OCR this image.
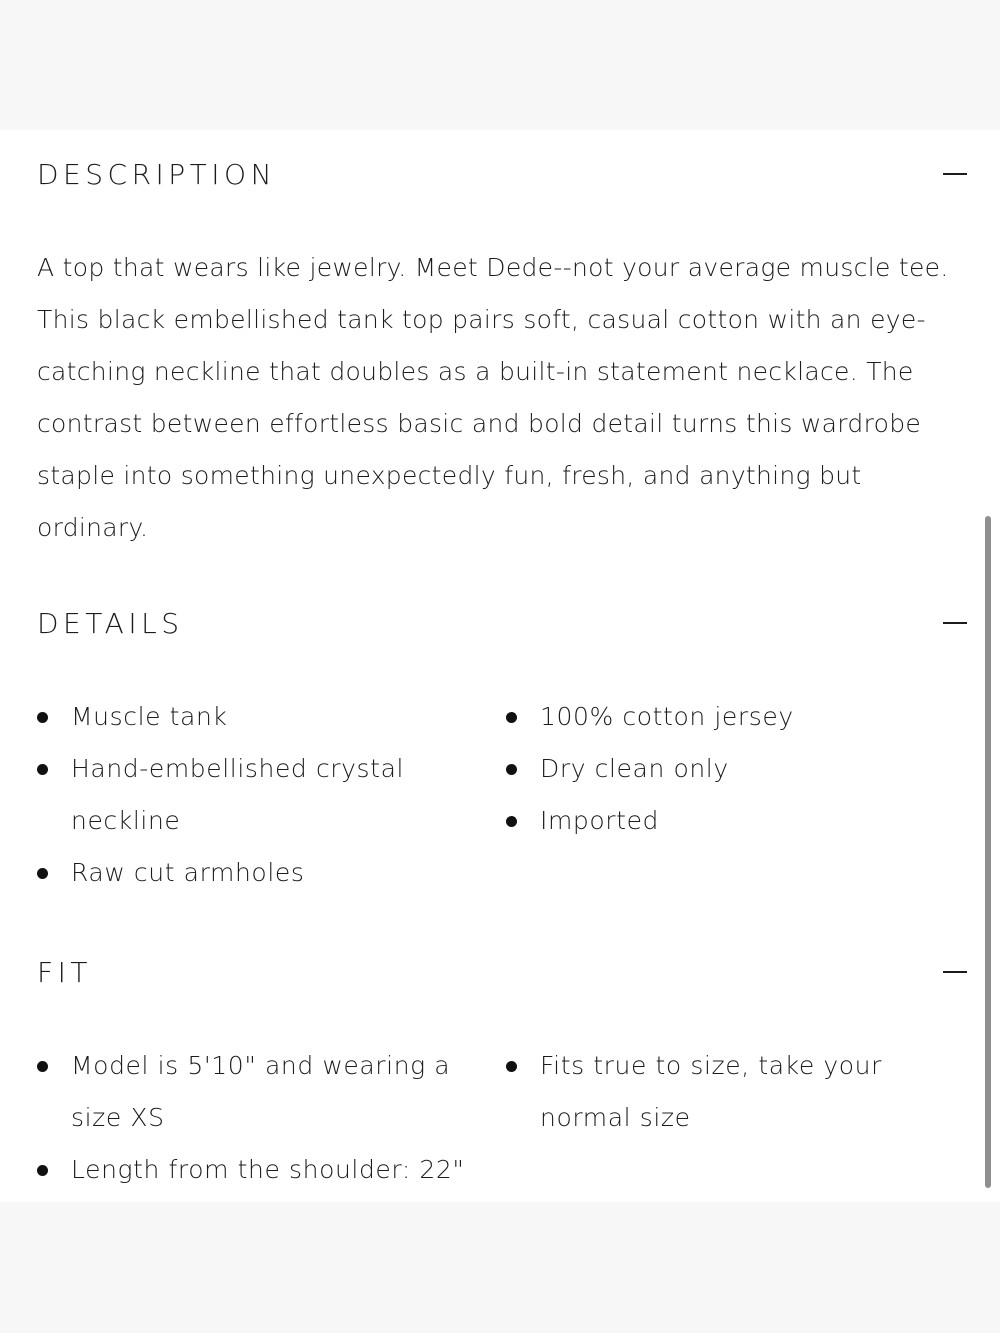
DESCRIPTION

A top that wears like jewelry. Meet Dede--not your average muscle tee. This black embellished tank top pairs soft, casual cotton with an eye-catching neckline that doubles as a built-in statement necklace. The contrast between effortless basic and bold detail turns this wardrobe staple into something unexpectedly fun, fresh, and anything but ordinary.

DETAILS
Muscle tank
Hand-embellished crystal neckline
Raw cut armholes
100% cotton jersey
Dry clean only
Imported
FIT
Model is 5'10" and wearing a size XS
Length from the shoulder: 22"
Fits true to size, take your normal size
